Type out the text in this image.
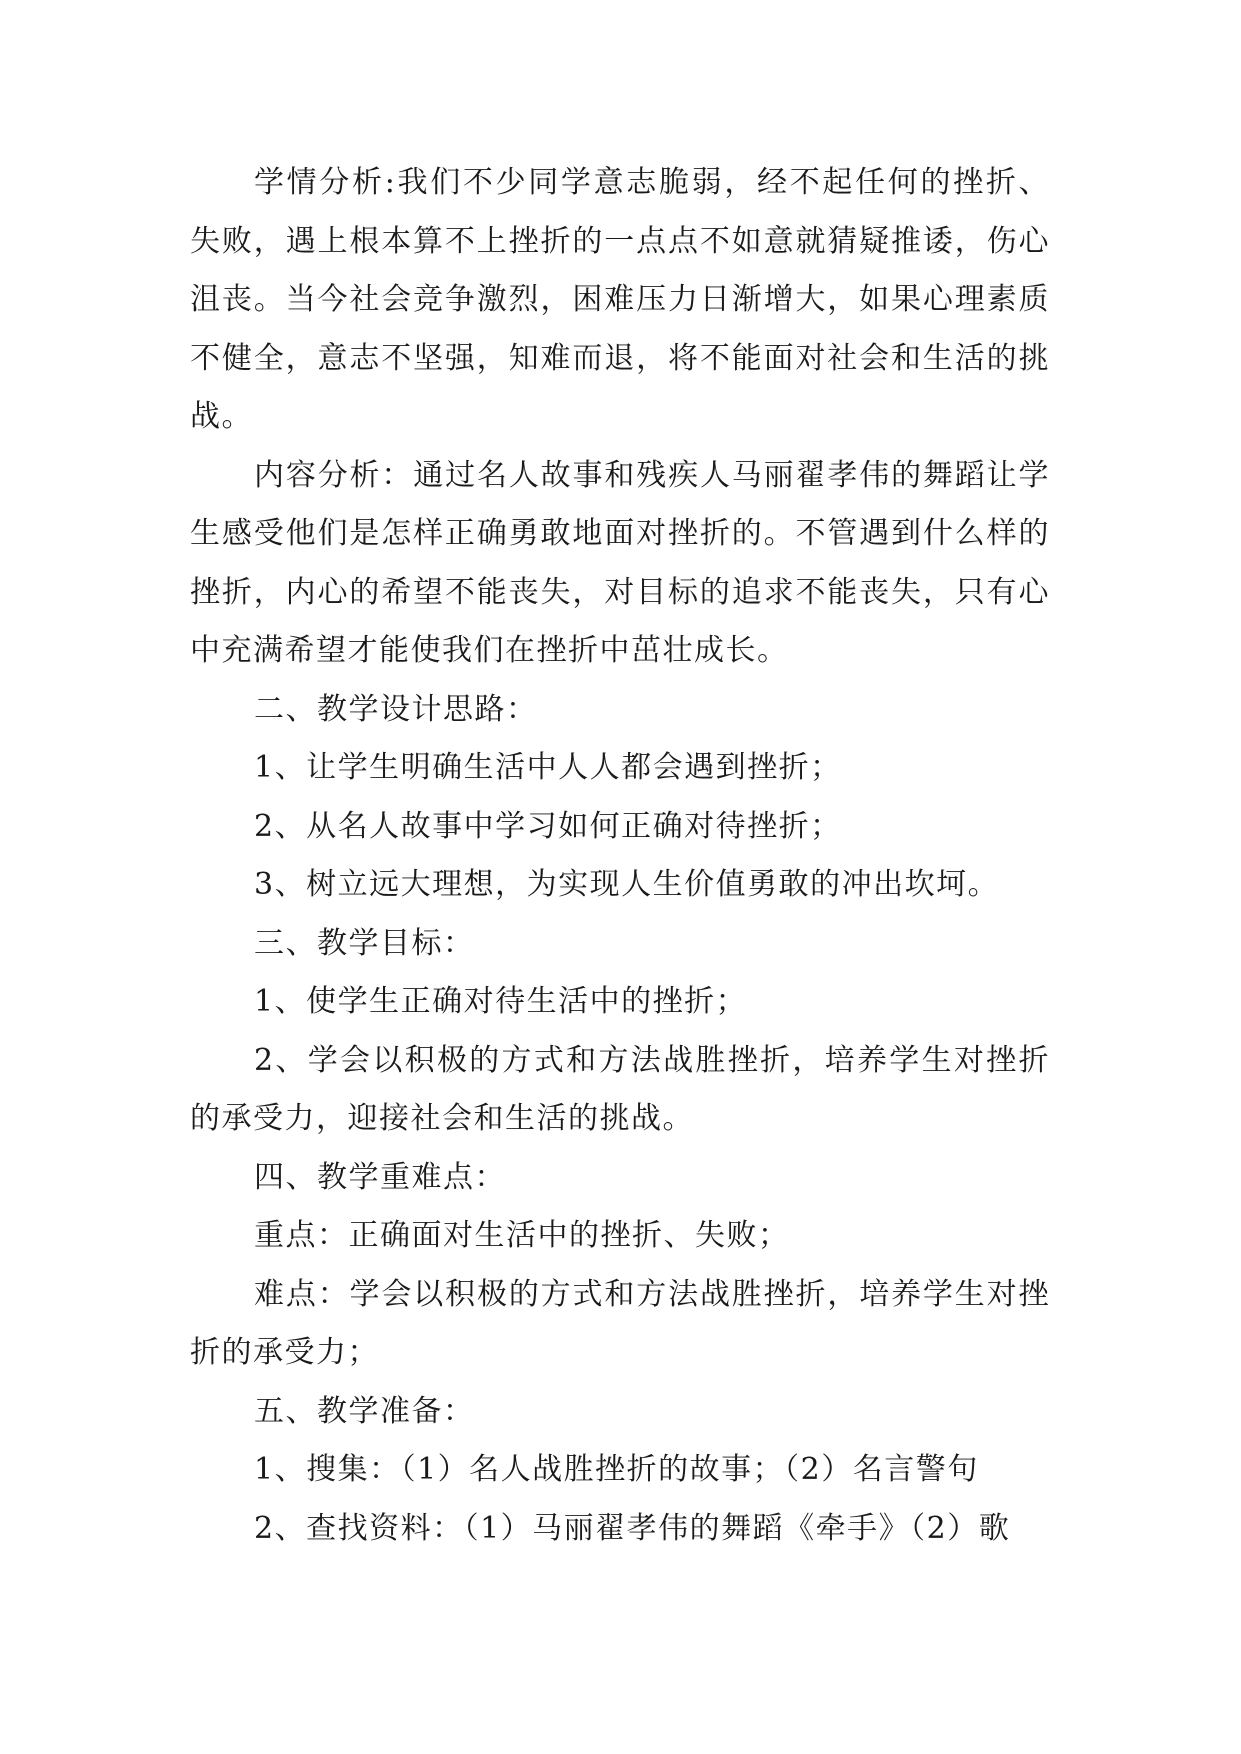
学情分析:我们不少同学意志脆弱，经不起任何的挫折、失败，遇上根本算不上挫折的一点点不如意就猜疑推诿，伤心沮丧。当今社会竞争激烈，困难压力日渐增大，如果心理素质不健全，意志不坚强，知难而退，将不能面对社会和生活的挑战。

内容分析：通过名人故事和残疾人马丽翟孝伟的舞蹈让学生感受他们是怎样正确勇敢地面对挫折的。不管遇到什么样的挫折，内心的希望不能丧失，对目标的追求不能丧失，只有心中充满希望才能使我们在挫折中茁壮成长。

二、教学设计思路：

1、让学生明确生活中人人都会遇到挫折；

2、从名人故事中学习如何正确对待挫折；

3、树立远大理想，为实现人生价值勇敢的冲出坎坷。

三、教学目标：

1、使学生正确对待生活中的挫折；

2、学会以积极的方式和方法战胜挫折，培养学生对挫折的承受力，迎接社会和生活的挑战。

四、教学重难点：

重点：正确面对生活中的挫折、失败；

难点：学会以积极的方式和方法战胜挫折，培养学生对挫折的承受力；

五、教学准备：

1、搜集：（1）名人战胜挫折的故事；（2）名言警句

2、查找资料：（1）马丽翟孝伟的舞蹈《牵手》（2）歌
